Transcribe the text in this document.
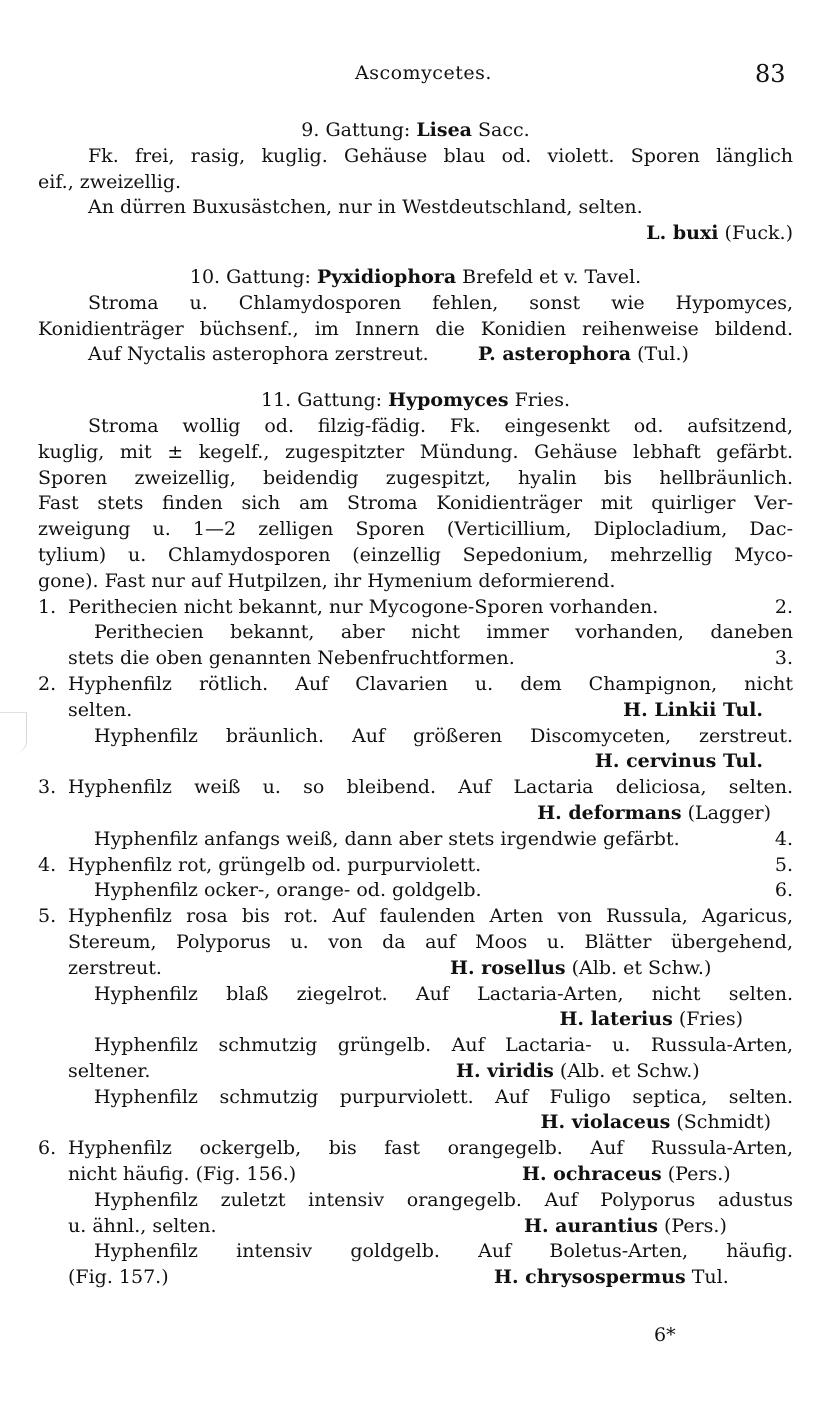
Ascomycetes.	83
9. Gattung: Lisea Sacc.
Fk. frei, rasig, kuglig. Gehäuse blau od. violett. Sporen länglich
eif., zweizellig.
An dürren Buxusästchen, nur in Westdeutschland, selten.
L. buxi (Fuck.)
10. Gattung: Pyxidiophora Brefeld et v. Tavel.
Stroma u. Chlamydosporen fehlen, sonst wie Hypomyces,
Konidienträger büchsenf., im Innern die Konidien reihenweise bildend.
Auf Nyctalis asterophora zerstreut.	P. asterophora (Tul.)
11. Gattung: Hypomyces Fries.
Stroma wollig od. filzig-fädig. Fk. eingesenkt od. aufsitzend,
kuglig, mit ± kegelf., zugespitzter Mündung. Gehäuse lebhaft gefärbt.
Sporen zweizellig, beidendig zugespitzt, hyalin bis hellbräunlich.
Fast stets finden sich am Stroma Konidienträger mit quirliger Ver-
zweigung u. 1—2 zelligen Sporen (Verticillium, Diplocladium, Dac-
tylium) u. Chlamydosporen (einzellig Sepedonium, mehrzellig Myco-
gone). Fast nur auf Hutpilzen, ihr Hymenium deformierend.
1. Perithecien nicht bekannt, nur Mycogone-Sporen vorhanden.	2.
Perithecien bekannt, aber nicht immer vorhanden, daneben
stets die oben genannten Nebenfruchtformen.	3.
2. Hyphenfilz rötlich. Auf Clavarien u. dem Champignon, nicht
selten.	H. Linkii Tul.
Hyphenfilz bräunlich. Auf größeren Discomyceten, zerstreut.
H. cervinus Tul.
3. Hyphenfilz weiß u. so bleibend. Auf Lactaria deliciosa, selten.
H. deformans (Lagger)
Hyphenfilz anfangs weiß, dann aber stets irgendwie gefärbt.	4.
4. Hyphenfilz rot, grüngelb od. purpurviolett.	5.
Hyphenfilz ocker-, orange- od. goldgelb.	6.
5. Hyphenfilz rosa bis rot. Auf faulenden Arten von Russula, Agaricus,
Stereum, Polyporus u. von da auf Moos u. Blätter übergehend,
zerstreut.	H. rosellus (Alb. et Schw.)
Hyphenfilz blaß ziegelrot. Auf Lactaria-Arten, nicht selten.
H. laterius (Fries)
Hyphenfilz schmutzig grüngelb. Auf Lactaria- u. Russula-Arten,
seltener.	H. viridis (Alb. et Schw.)
Hyphenfilz schmutzig purpurviolett. Auf Fuligo septica, selten.
H. violaceus (Schmidt)
6. Hyphenfilz ockergelb, bis fast orangegelb. Auf Russula-Arten,
nicht häufig. (Fig. 156.)	H. ochraceus (Pers.)
Hyphenfilz zuletzt intensiv orangegelb. Auf Polyporus adustus
u. ähnl., selten.	H. aurantius (Pers.)
Hyphenfilz intensiv goldgelb. Auf Boletus-Arten, häufig.
(Fig. 157.)	H. chrysospermus Tul.
6*
